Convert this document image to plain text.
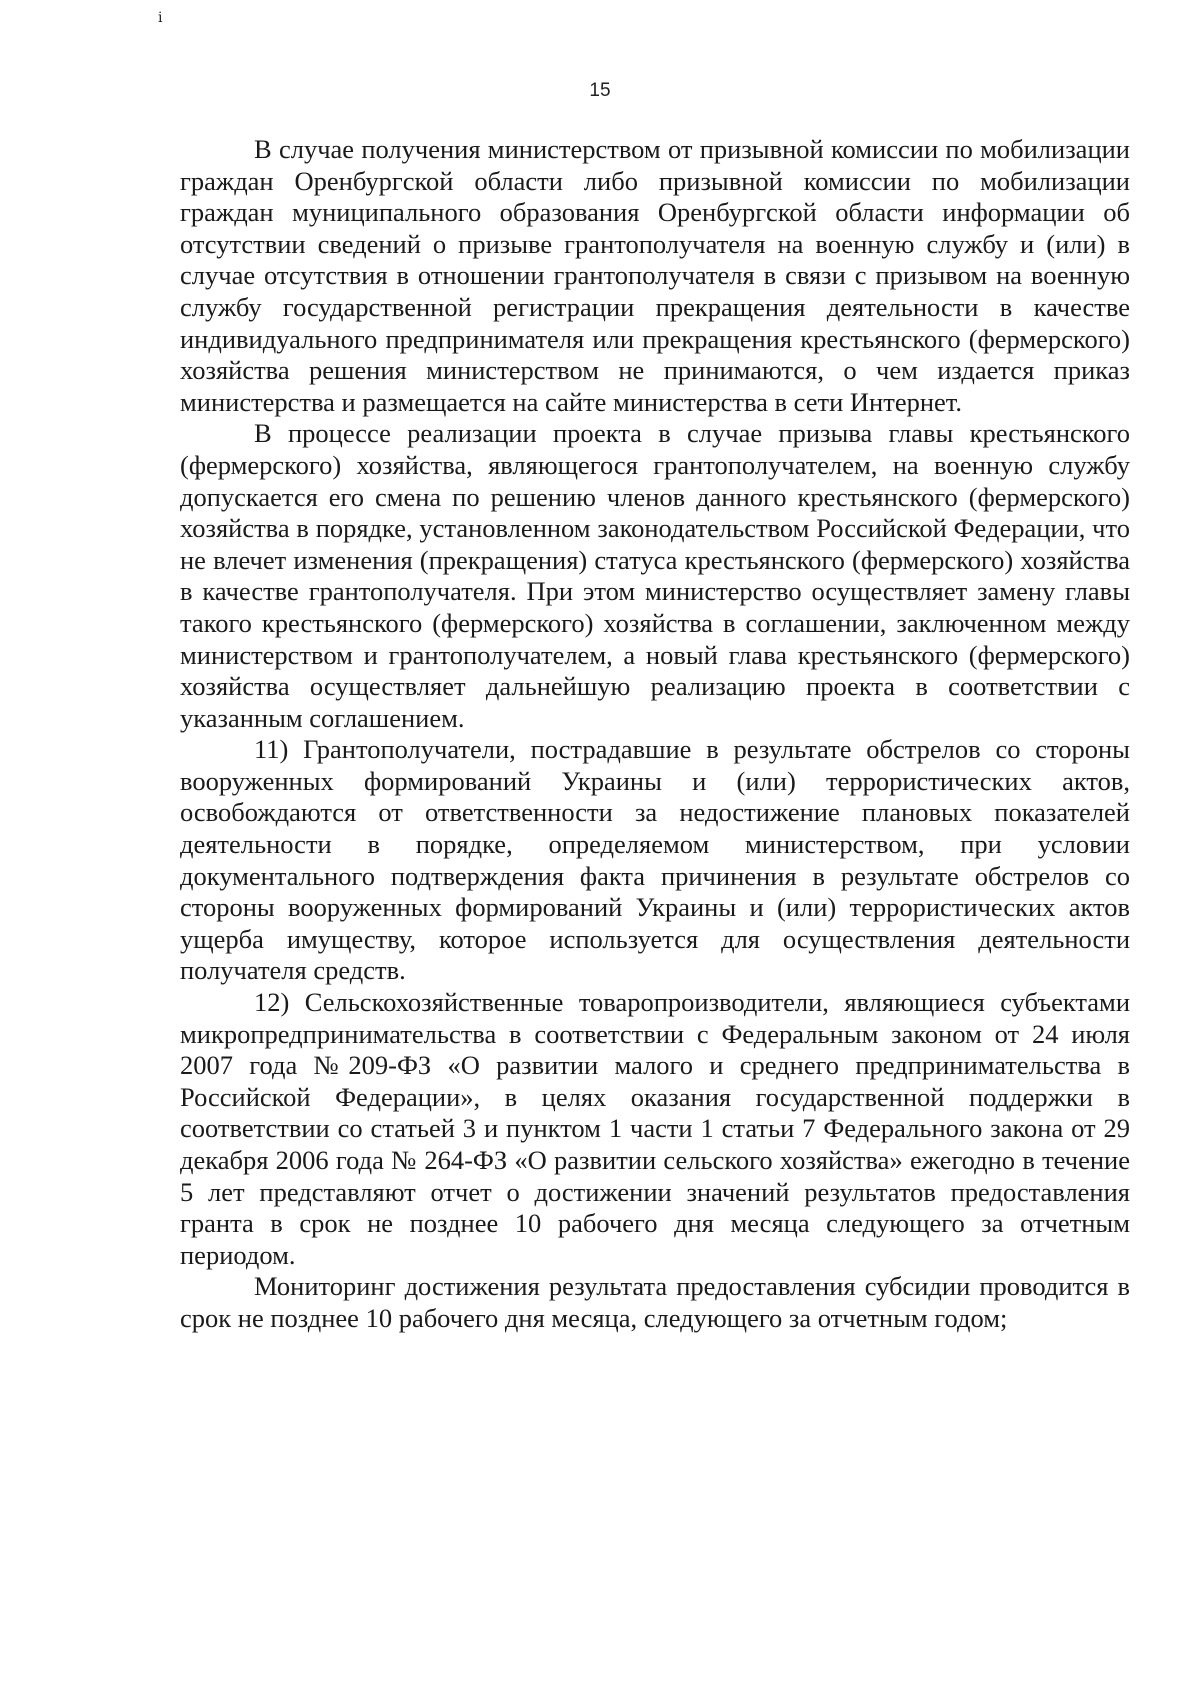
ⅰ
15

В случае получения министерством от призывной комиссии по мобилизации граждан Оренбургской области либо призывной комиссии по мобилизации граждан муниципального образования Оренбургской области информации об отсутствии сведений о призыве грантополучателя на военную службу и (или) в случае отсутствия в отношении грантополучателя в связи с призывом на военную службу государственной регистрации прекращения деятельности в качестве индивидуального предпринимателя или прекращения крестьянского (фермерского) хозяйства решения министерством не принимаются, о чем издается приказ министерства и размещается на сайте министерства в сети Интернет.

В процессе реализации проекта в случае призыва главы крестьянского (фермерского) хозяйства, являющегося грантополучателем, на военную службу допускается его смена по решению членов данного крестьянского (фермерского) хозяйства в порядке, установленном законодательством Российской Федерации, что не влечет изменения (прекращения) статуса крестьянского (фермерского) хозяйства в качестве грантополучателя. При этом министерство осуществляет замену главы такого крестьянского (фермерского) хозяйства в соглашении, заключенном между министерством и грантополучателем, а новый глава крестьянского (фермерского) хозяйства осуществляет дальнейшую реализацию проекта в соответствии с указанным соглашением.

11) Грантополучатели, пострадавшие в результате обстрелов со стороны вооруженных формирований Украины и (или) террористических актов, освобождаются от ответственности за недостижение плановых показателей деятельности в порядке, определяемом министерством, при условии документального подтверждения факта причинения в результате обстрелов со стороны вооруженных формирований Украины и (или) террористических актов ущерба имуществу, которое используется для осуществления деятельности получателя средств.

12) Сельскохозяйственные товаропроизводители, являющиеся субъектами микропредпринимательства в соответствии с Федеральным законом от 24 июля 2007 года №209-ФЗ «О развитии малого и среднего предпринимательства в Российской Федерации», в целях оказания государственной поддержки в соответствии со статьей 3 и пунктом 1 части 1 статьи 7 Федерального закона от 29 декабря 2006 года № 264-ФЗ «О развитии сельского хозяйства» ежегодно в течение 5 лет представляют отчет о достижении значений результатов предоставления гранта в срок не позднее 10 рабочего дня месяца следующего за отчетным периодом.

Мониторинг достижения результата предоставления субсидии проводится в срок не позднее 10 рабочего дня месяца, следующего за отчетным годом;
